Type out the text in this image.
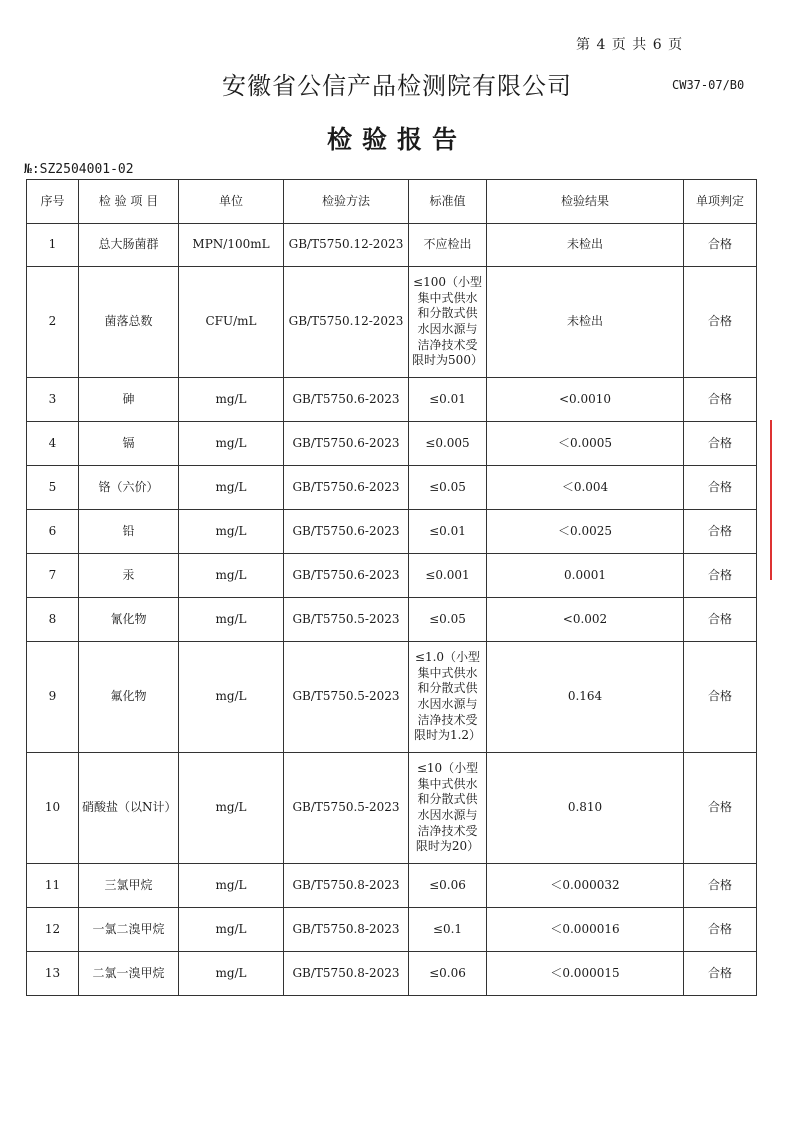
第 4 页 共 6 页
安徽省公信产品检测院有限公司	CW37-07/B0
检验报告
№:SZ2504001-02
序号	检 验 项 目	单位	检验方法	标准值	检验结果	单项判定
1	总大肠菌群	MPN/100mL	GB/T5750.12-2023	不应检出	未检出	合格
2	菌落总数	CFU/mL	GB/T5750.12-2023	≤100（小型集中式供水和分散式供水因水源与洁净技术受限时为500）	未检出	合格
3	砷	mg/L	GB/T5750.6-2023	≤0.01	<0.0010	合格
4	镉	mg/L	GB/T5750.6-2023	≤0.005	＜0.0005	合格
5	铬（六价）	mg/L	GB/T5750.6-2023	≤0.05	＜0.004	合格
6	铅	mg/L	GB/T5750.6-2023	≤0.01	＜0.0025	合格
7	汞	mg/L	GB/T5750.6-2023	≤0.001	0.0001	合格
8	氰化物	mg/L	GB/T5750.5-2023	≤0.05	<0.002	合格
9	氟化物	mg/L	GB/T5750.5-2023	≤1.0（小型集中式供水和分散式供水因水源与洁净技术受限时为1.2）	0.164	合格
10	硝酸盐（以N计）	mg/L	GB/T5750.5-2023	≤10（小型集中式供水和分散式供水因水源与洁净技术受限时为20）	0.810	合格
11	三氯甲烷	mg/L	GB/T5750.8-2023	≤0.06	＜0.000032	合格
12	一氯二溴甲烷	mg/L	GB/T5750.8-2023	≤0.1	＜0.000016	合格
13	二氯一溴甲烷	mg/L	GB/T5750.8-2023	≤0.06	＜0.000015	合格
